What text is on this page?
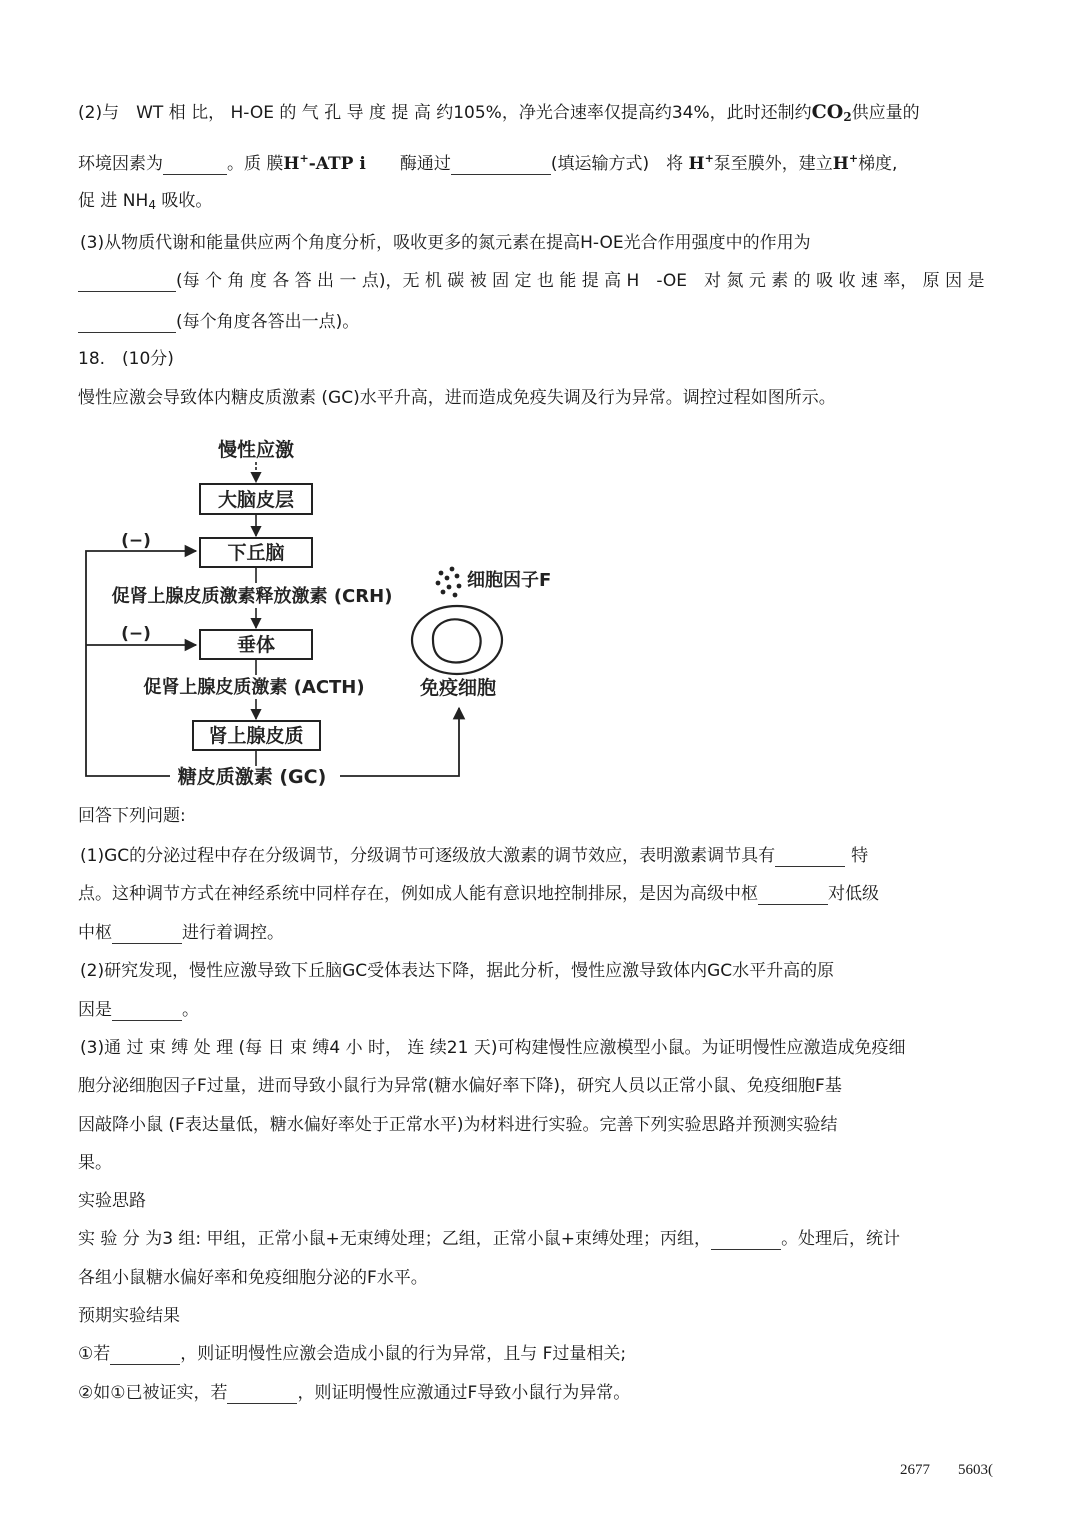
(2)与　WT 相 比， H-OE 的 气 孔 导 度 提 高 约105%，净光合速率仅提高约34%，此时还制约$CO_2$供应量的
环境因素为	。质 膜H+-ATP i 酶通过	(填运输方式)　将 H+泵至膜外，建立H+梯度,
促 进 $NH_4$ 吸收。
(3)从物质代谢和能量供应两个角度分析，吸收更多的氮元素在提高H-OE光合作用强度中的作用为
(每 个 角 度 各 答 出 一 点)，无 机 碳 被 固 定 也 能 提 高 H　-OE　对 氮 元 素 的 吸 收 速 率， 原 因 是
(每个角度各答出一点)。
18.　(10分)
慢性应激会导致体内糖皮质激素 (GC)水平升高，进而造成免疫失调及行为异常。调控过程如图所示。
慢性应激
大脑皮层
下丘脑
促肾上腺皮质激素释放激素 (CRH)
垂体
促肾上腺皮质激素 (ACTH)
肾上腺皮质
糖皮质激素 (GC)
(−)
(−)
免疫细胞
细胞因子F
回答下列问题:
(1)GC的分泌过程中存在分级调节，分级调节可逐级放大激素的调节效应，表明激素调节具有	特
点。这种调节方式在神经系统中同样存在，例如成人能有意识地控制排尿，是因为高级中枢	对低级
中枢	进行着调控。
(2)研究发现，慢性应激导致下丘脑GC受体表达下降，据此分析，慢性应激导致体内GC水平升高的原
因是	。
(3)通 过 束 缚 处 理 (每 日 束 缚4 小 时， 连 续21 天)可构建慢性应激模型小鼠。为证明慢性应激造成免疫细
胞分泌细胞因子F过量，进而导致小鼠行为异常(糖水偏好率下降)，研究人员以正常小鼠、免疫细胞F基
因敲降小鼠 (F表达量低，糖水偏好率处于正常水平)为材料进行实验。完善下列实验思路并预测实验结
果。
实验思路
实 验 分 为3 组: 甲组，正常小鼠+无束缚处理；乙组，正常小鼠+束缚处理；丙组，	。处理后，统计
各组小鼠糖水偏好率和免疫细胞分泌的F水平。
预期实验结果
①若	，则证明慢性应激会造成小鼠的行为异常，且与 F过量相关;
②如①已被证实，若	，则证明慢性应激通过F导致小鼠行为异常。
2677 5603(
